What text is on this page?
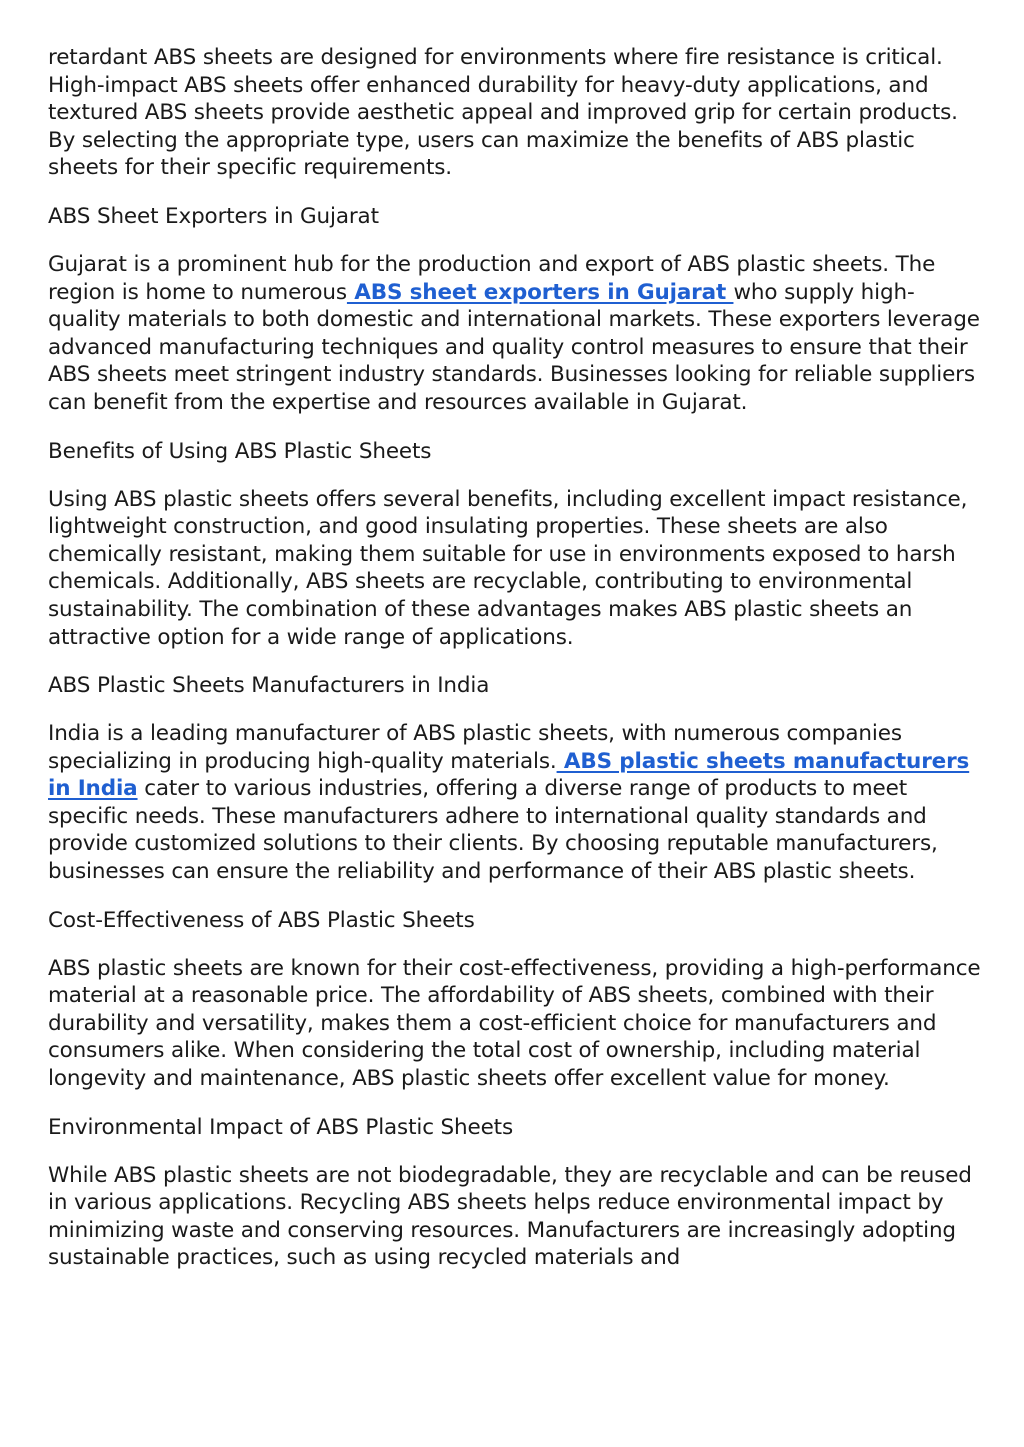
retardant ABS sheets are designed for environments where fire resistance is critical. High-impact ABS sheets offer enhanced durability for heavy-duty applications, and textured ABS sheets provide aesthetic appeal and improved grip for certain products. By selecting the appropriate type, users can maximize the benefits of ABS plastic sheets for their specific requirements.

ABS Sheet Exporters in Gujarat

Gujarat is a prominent hub for the production and export of ABS plastic sheets. The region is home to numerous ABS sheet exporters in Gujarat who supply high-quality materials to both domestic and international markets. These exporters leverage advanced manufacturing techniques and quality control measures to ensure that their ABS sheets meet stringent industry standards. Businesses looking for reliable suppliers can benefit from the expertise and resources available in Gujarat.

Benefits of Using ABS Plastic Sheets

Using ABS plastic sheets offers several benefits, including excellent impact resistance, lightweight construction, and good insulating properties. These sheets are also chemically resistant, making them suitable for use in environments exposed to harsh chemicals. Additionally, ABS sheets are recyclable, contributing to environmental sustainability. The combination of these advantages makes ABS plastic sheets an attractive option for a wide range of applications.

ABS Plastic Sheets Manufacturers in India

India is a leading manufacturer of ABS plastic sheets, with numerous companies specializing in producing high-quality materials. ABS plastic sheets manufacturers in India cater to various industries, offering a diverse range of products to meet specific needs. These manufacturers adhere to international quality standards and provide customized solutions to their clients. By choosing reputable manufacturers, businesses can ensure the reliability and performance of their ABS plastic sheets.

Cost-Effectiveness of ABS Plastic Sheets

ABS plastic sheets are known for their cost-effectiveness, providing a high-performance material at a reasonable price. The affordability of ABS sheets, combined with their durability and versatility, makes them a cost-efficient choice for manufacturers and consumers alike. When considering the total cost of ownership, including material longevity and maintenance, ABS plastic sheets offer excellent value for money.

Environmental Impact of ABS Plastic Sheets

While ABS plastic sheets are not biodegradable, they are recyclable and can be reused in various applications. Recycling ABS sheets helps reduce environmental impact by minimizing waste and conserving resources. Manufacturers are increasingly adopting sustainable practices, such as using recycled materials and
